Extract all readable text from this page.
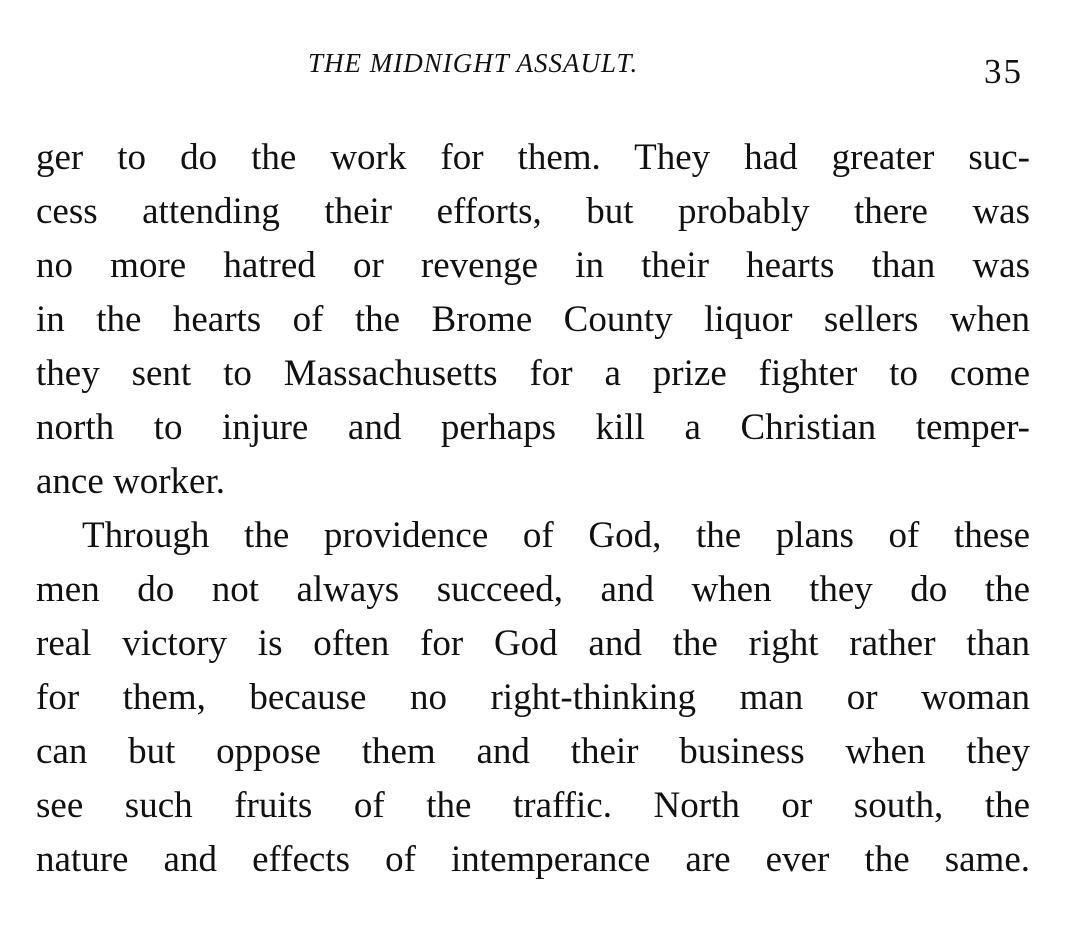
THE MIDNIGHT ASSAULT.	35
ger to do the work for them. They had greater suc-
cess attending their efforts, but probably there was
no more hatred or revenge in their hearts than was
in the hearts of the Brome County liquor sellers when
they sent to Massachusetts for a prize fighter to come
north to injure and perhaps kill a Christian temper-
ance worker.
Through the providence of God, the plans of these
men do not always succeed, and when they do the
real victory is often for God and the right rather than
for them, because no right-thinking man or woman
can but oppose them and their business when they
see such fruits of the traffic. North or south, the
nature and effects of intemperance are ever the same.
